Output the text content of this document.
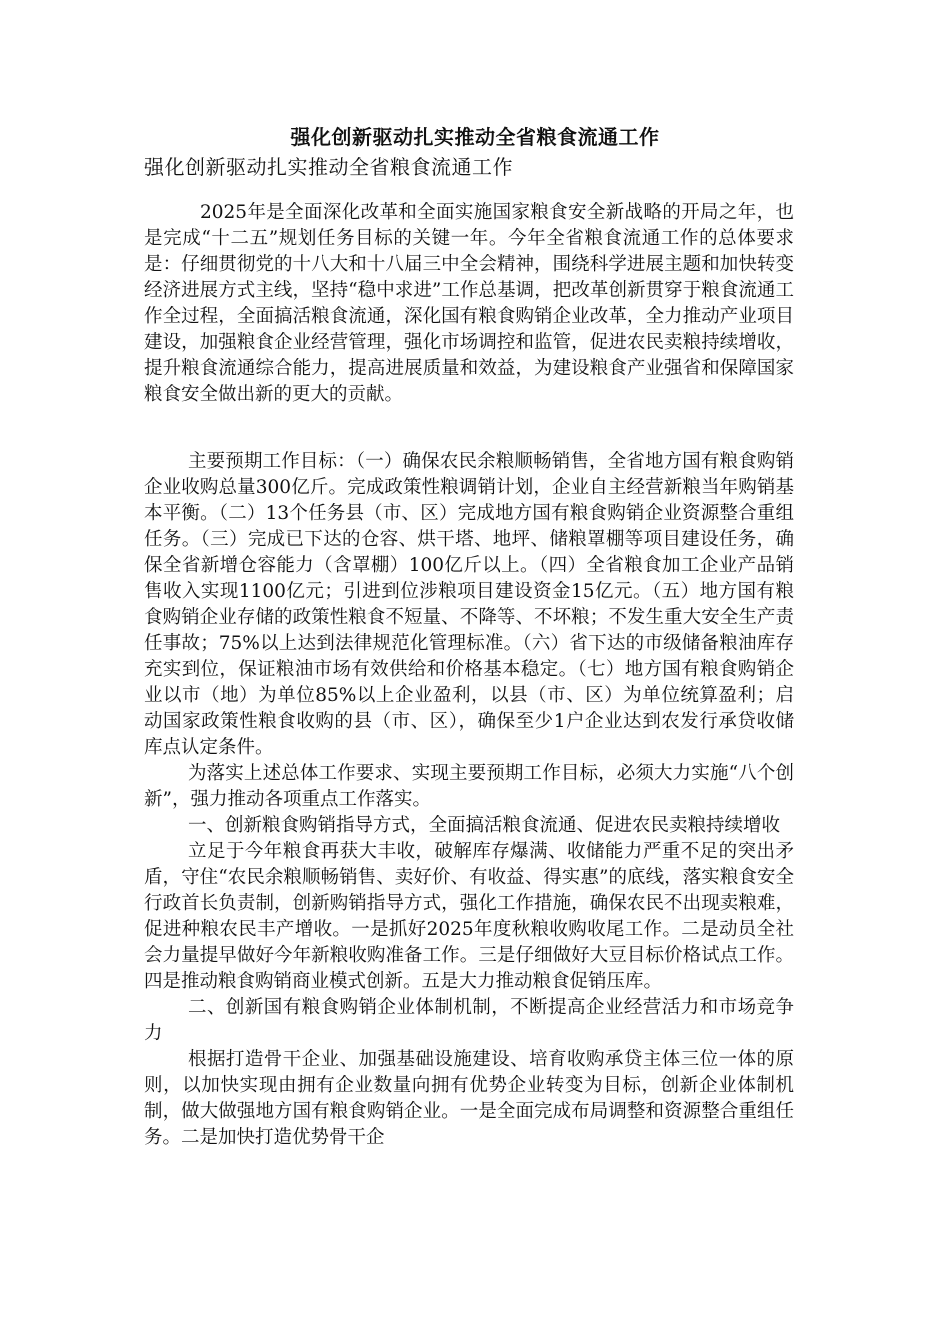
强化创新驱动扎实推动全省粮食流通工作
强化创新驱动扎实推动全省粮食流通工作

2025年是全面深化改革和全面实施国家粮食安全新战略的开局之年，也是完成“十二五”规划任务目标的关键一年。今年全省粮食流通工作的总体要求是：仔细贯彻党的十八大和十八届三中全会精神，围绕科学进展主题和加快转变经济进展方式主线，坚持“稳中求进”工作总基调，把改革创新贯穿于粮食流通工作全过程，全面搞活粮食流通，深化国有粮食购销企业改革，全力推动产业项目建设，加强粮食企业经营管理，强化市场调控和监管，促进农民卖粮持续增收，提升粮食流通综合能力，提高进展质量和效益，为建设粮食产业强省和保障国家粮食安全做出新的更大的贡献。

主要预期工作目标：（一）确保农民余粮顺畅销售，全省地方国有粮食购销企业收购总量300亿斤。完成政策性粮调销计划，企业自主经营新粮当年购销基本平衡。（二）13个任务县（市、区）完成地方国有粮食购销企业资源整合重组任务。（三）完成已下达的仓容、烘干塔、地坪、储粮罩棚等项目建设任务，确保全省新增仓容能力（含罩棚）100亿斤以上。（四）全省粮食加工企业产品销售收入实现1100亿元；引进到位涉粮项目建设资金15亿元。（五）地方国有粮食购销企业存储的政策性粮食不短量、不降等、不坏粮；不发生重大安全生产责任事故；75%以上达到法律规范化管理标准。（六）省下达的市级储备粮油库存充实到位，保证粮油市场有效供给和价格基本稳定。（七）地方国有粮食购销企业以市（地）为单位85%以上企业盈利，以县（市、区）为单位统算盈利；启动国家政策性粮食收购的县（市、区），确保至少1户企业达到农发行承贷收储库点认定条件。

为落实上述总体工作要求、实现主要预期工作目标，必须大力实施“八个创新”，强力推动各项重点工作落实。

一、创新粮食购销指导方式，全面搞活粮食流通、促进农民卖粮持续增收

立足于今年粮食再获大丰收，破解库存爆满、收储能力严重不足的突出矛盾，守住“农民余粮顺畅销售、卖好价、有收益、得实惠”的底线，落实粮食安全行政首长负责制，创新购销指导方式，强化工作措施，确保农民不出现卖粮难，促进种粮农民丰产增收。一是抓好2025年度秋粮收购收尾工作。二是动员全社会力量提早做好今年新粮收购准备工作。三是仔细做好大豆目标价格试点工作。四是推动粮食购销商业模式创新。五是大力推动粮食促销压库。

二、创新国有粮食购销企业体制机制，不断提高企业经营活力和市场竞争力

根据打造骨干企业、加强基础设施建设、培育收购承贷主体三位一体的原则，以加快实现由拥有企业数量向拥有优势企业转变为目标，创新企业体制机制，做大做强地方国有粮食购销企业。一是全面完成布局调整和资源整合重组任务。二是加快打造优势骨干企
